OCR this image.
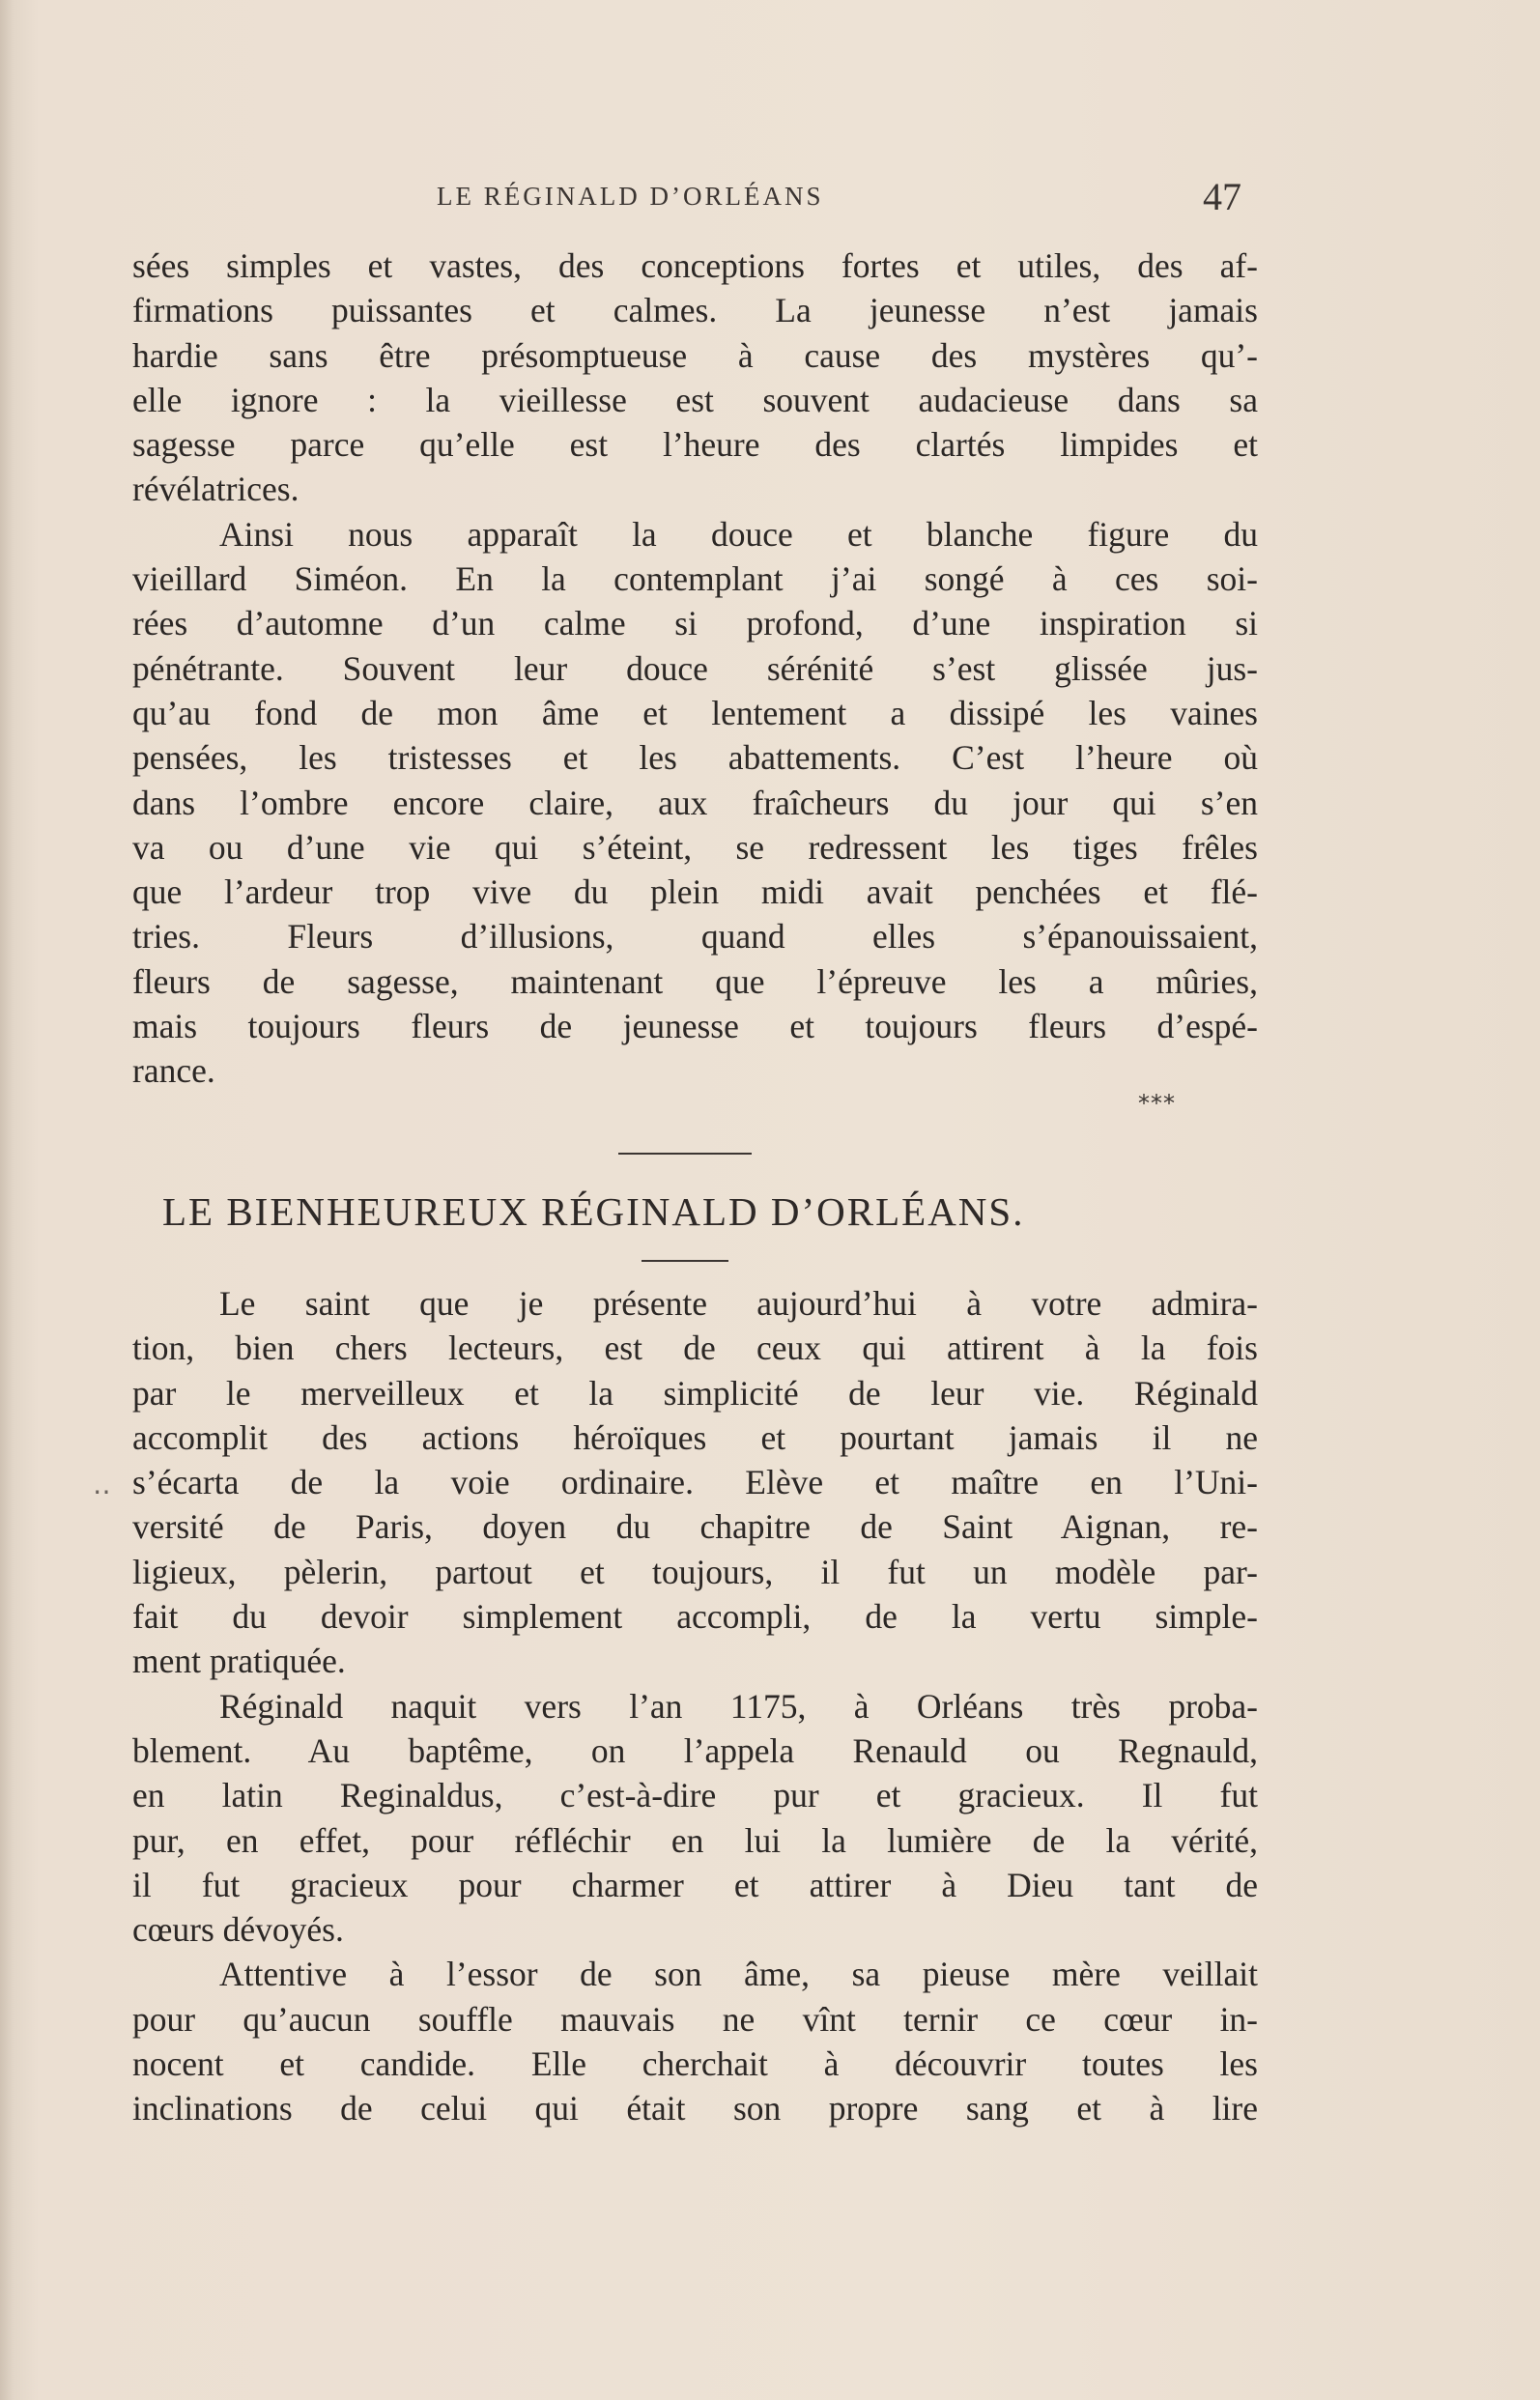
LE RÉGINALD D’ORLÉANS	47

sées simples et vastes, des conceptions fortes et utiles, des af-
firmations puissantes et calmes. La jeunesse n’est jamais
hardie sans être présomptueuse à cause des mystères qu’-
elle ignore : la vieillesse est souvent audacieuse dans sa
sagesse parce qu’elle est l’heure des clartés limpides et
révélatrices.

Ainsi nous apparaît la douce et blanche figure du
vieillard Siméon. En la contemplant j’ai songé à ces soi-
rées d’automne d’un calme si profond, d’une inspiration si
pénétrante. Souvent leur douce sérénité s’est glissée jus-
qu’au fond de mon âme et lentement a dissipé les vaines
pensées, les tristesses et les abattements. C’est l’heure où
dans l’ombre encore claire, aux fraîcheurs du jour qui s’en
va ou d’une vie qui s’éteint, se redressent les tiges frêles
que l’ardeur trop vive du plein midi avait penchées et flé-
tries. Fleurs d’illusions, quand elles s’épanouissaient,
fleurs de sagesse, maintenant que l’épreuve les a mûries,
mais toujours fleurs de jeunesse et toujours fleurs d’espé-
rance.

***
LE BIENHEUREUX RÉGINALD D’ORLÉANS.
‥

Le saint que je présente aujourd’hui à votre admira-
tion, bien chers lecteurs, est de ceux qui attirent à la fois
par le merveilleux et la simplicité de leur vie. Réginald
accomplit des actions héroïques et pourtant jamais il ne
s’écarta de la voie ordinaire. Elève et maître en l’Uni-
versité de Paris, doyen du chapitre de Saint Aignan, re-
ligieux, pèlerin, partout et toujours, il fut un modèle par-
fait du devoir simplement accompli, de la vertu simple-
ment pratiquée.

Réginald naquit vers l’an 1175, à Orléans très proba-
blement. Au baptême, on l’appela Renauld ou Regnauld,
en latin Reginaldus, c’est-à-dire pur et gracieux. Il fut
pur, en effet, pour réfléchir en lui la lumière de la vérité,
il fut gracieux pour charmer et attirer à Dieu tant de
cœurs dévoyés.

Attentive à l’essor de son âme, sa pieuse mère veillait
pour qu’aucun souffle mauvais ne vînt ternir ce cœur in-
nocent et candide. Elle cherchait à découvrir toutes les
inclinations de celui qui était son propre sang et à lire
